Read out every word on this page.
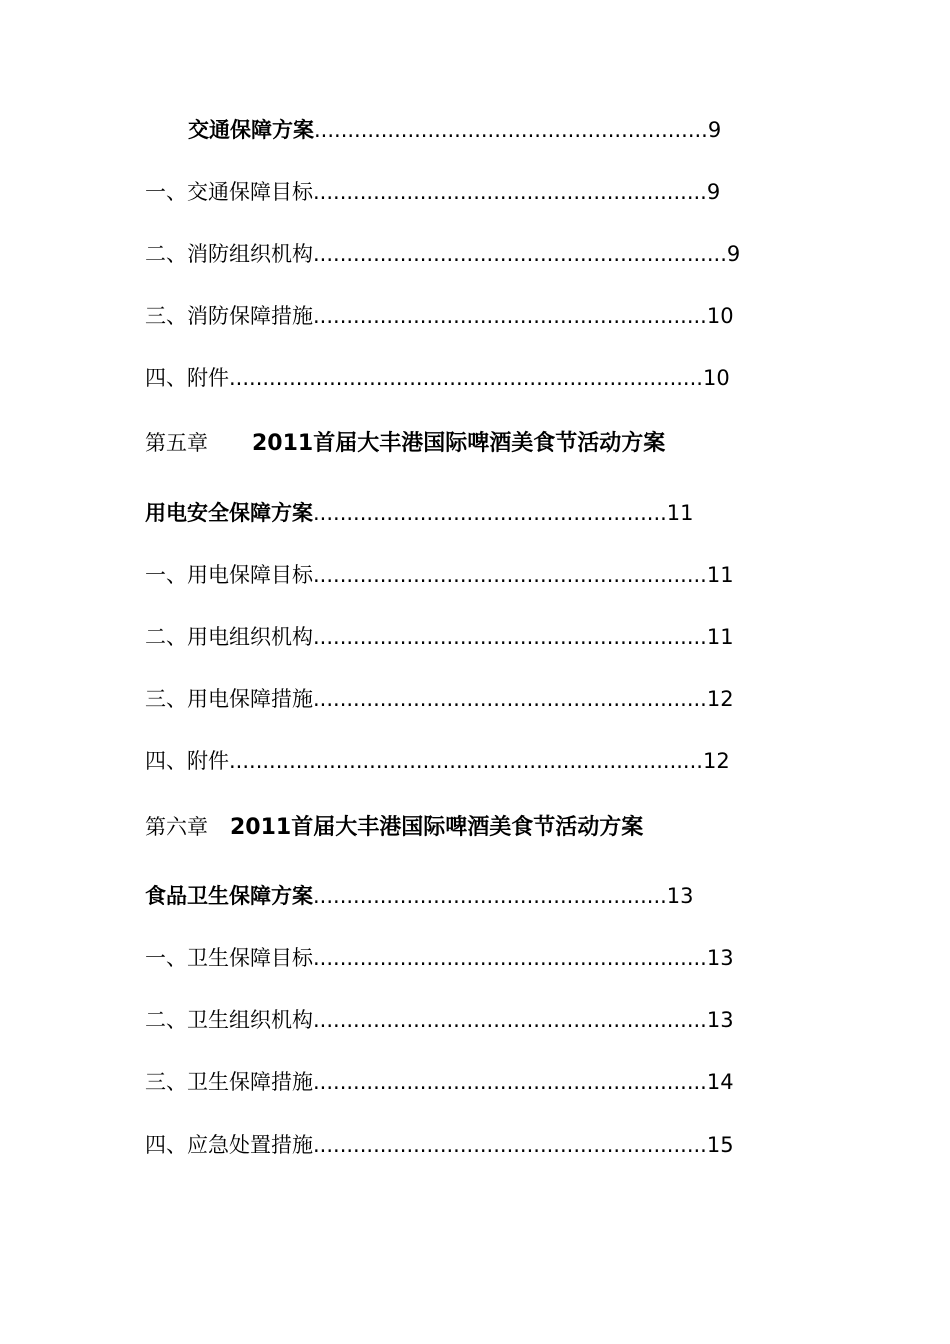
交通保障方案...........................................................9
一、交通保障目标...........................................................9
二、消防组织机构..............................................................9
三、消防保障措施...........................................................10
四、附件.......................................................................10
第五章 2011首届大丰港国际啤酒美食节活动方案
用电安全保障方案.....................................................11
一、用电保障目标...........................................................11
二、用电组织机构...........................................................11
三、用电保障措施...........................................................12
四、附件.......................................................................12
第六章 2011首届大丰港国际啤酒美食节活动方案
食品卫生保障方案.....................................................13
一、卫生保障目标...........................................................13
二、卫生组织机构...........................................................13
三、卫生保障措施...........................................................14
四、应急处置措施...........................................................15
